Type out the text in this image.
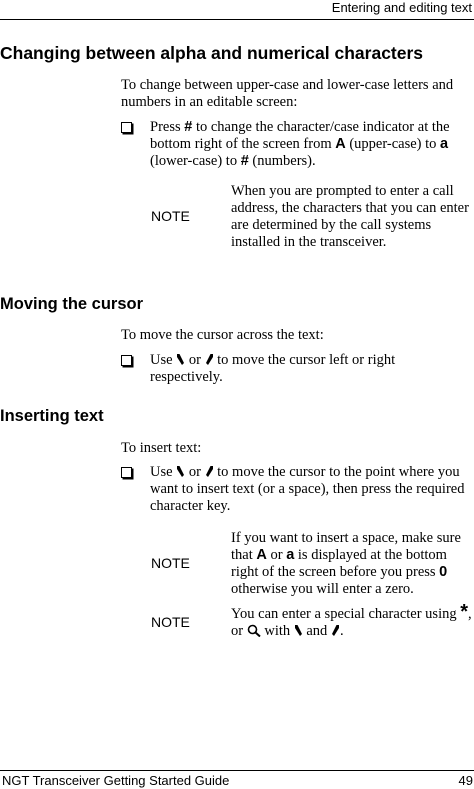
Entering and editing text
Changing between alpha and numerical characters
To change between upper-case and lower-case letters and numbers in an editable screen:
Press # to change the character/case indicator at the bottom right of the screen from A (upper-case) to a (lower-case) to # (numbers).
NOTE
When you are prompted to enter a call address, the characters that you can enter are determined by the call systems installed in the transceiver.
Moving the cursor
To move the cursor across the text:
Use  or  to move the cursor left or right respectively.
Inserting text
To insert text:
Use  or  to move the cursor to the point where you want to insert text (or a space), then press the required character key.
NOTE
If you want to insert a space, make sure that A or a is displayed at the bottom right of the screen before you press 0 otherwise you will enter a zero.
NOTE	You can enter a special character using *, or  with  and .
NGT Transceiver Getting Started Guide	49
